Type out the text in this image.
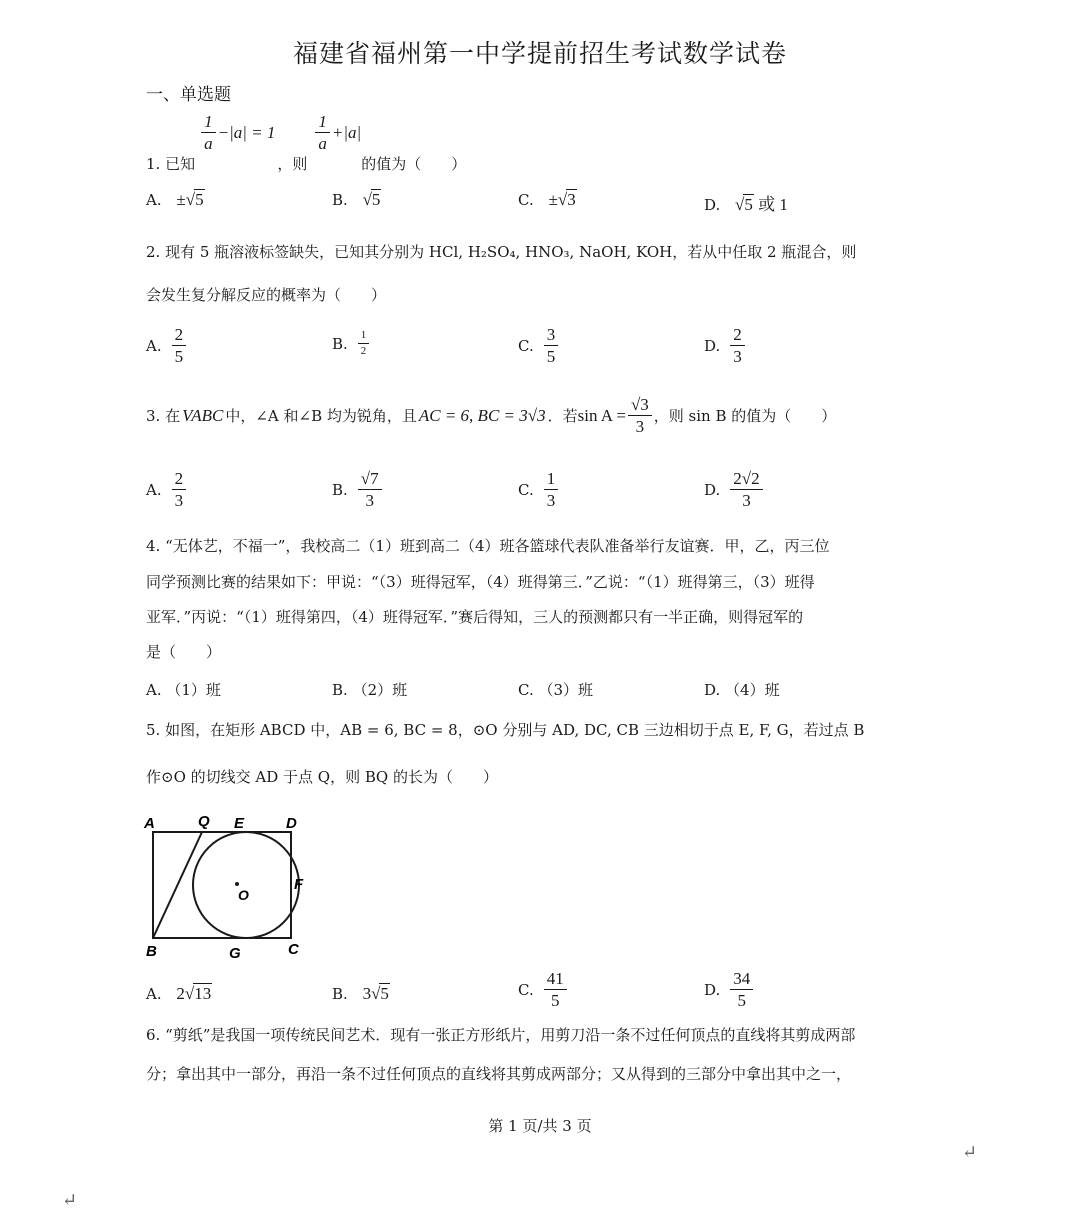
福建省福州第一中学提前招生考试数学试卷
一、单选题
1. 已知
$\frac{1}{a} -|a| = 1$
，则
$\frac{1}{a} +|a|$
的值为（　　）
A. ±√5	B. √5	C. ±√3	D. √5 或 1
2. 现有 5 瓶溶液标签缺失，已知其分别为 HCl, H₂SO₄, HNO₃, NaOH, KOH，若从中任取 2 瓶混合，则
会发生复分解反应的概率为（　　）
A. $\frac{2}{5}$	B. $\frac{1}{2}$	C. $\frac{3}{5}$	D. $\frac{2}{3}$
3. 在 VABC 中，∠A 和∠B 均为锐角，且 AC = 6, BC = 3√3 ．若 $\sin A = \frac{√3}{3}$ ，则 sin B 的值为（　　）
A. $\frac{2}{3}$	B. $\frac{√7}{3}$	C. $\frac{1}{3}$	D. $\frac{2√2}{3}$
4. “无体艺，不福一”，我校高二（1）班到高二（4）班各篮球代表队准备举行友谊赛．甲，乙，丙三位
同学预测比赛的结果如下：甲说：“（3）班得冠军，（4）班得第三．”乙说：“（1）班得第三，（3）班得
亚军．”丙说：“（1）班得第四，（4）班得冠军．”赛后得知，三人的预测都只有一半正确，则得冠军的
是（　　）
A. （1）班	B. （2）班	C. （3）班	D. （4）班
5. 如图，在矩形 ABCD 中，AB = 6, BC = 8，⊙O 分别与 AD, DC, CB 三边相切于点 E, F, G，若过点 B
作⊙O 的切线交 AD 于点 Q，则 BQ 的长为（　　）
A	Q E	D
F
O
B	G	C
A. 2√13	B. 3√5	C. $\frac{41}{5}$	D. $\frac{34}{5}$
6. “剪纸”是我国一项传统民间艺术．现有一张正方形纸片，用剪刀沿一条不过任何顶点的直线将其剪成两部
分；拿出其中一部分，再沿一条不过任何顶点的直线将其剪成两部分；又从得到的三部分中拿出其中之一，
第 1 页/共 3 页
↵
↵
